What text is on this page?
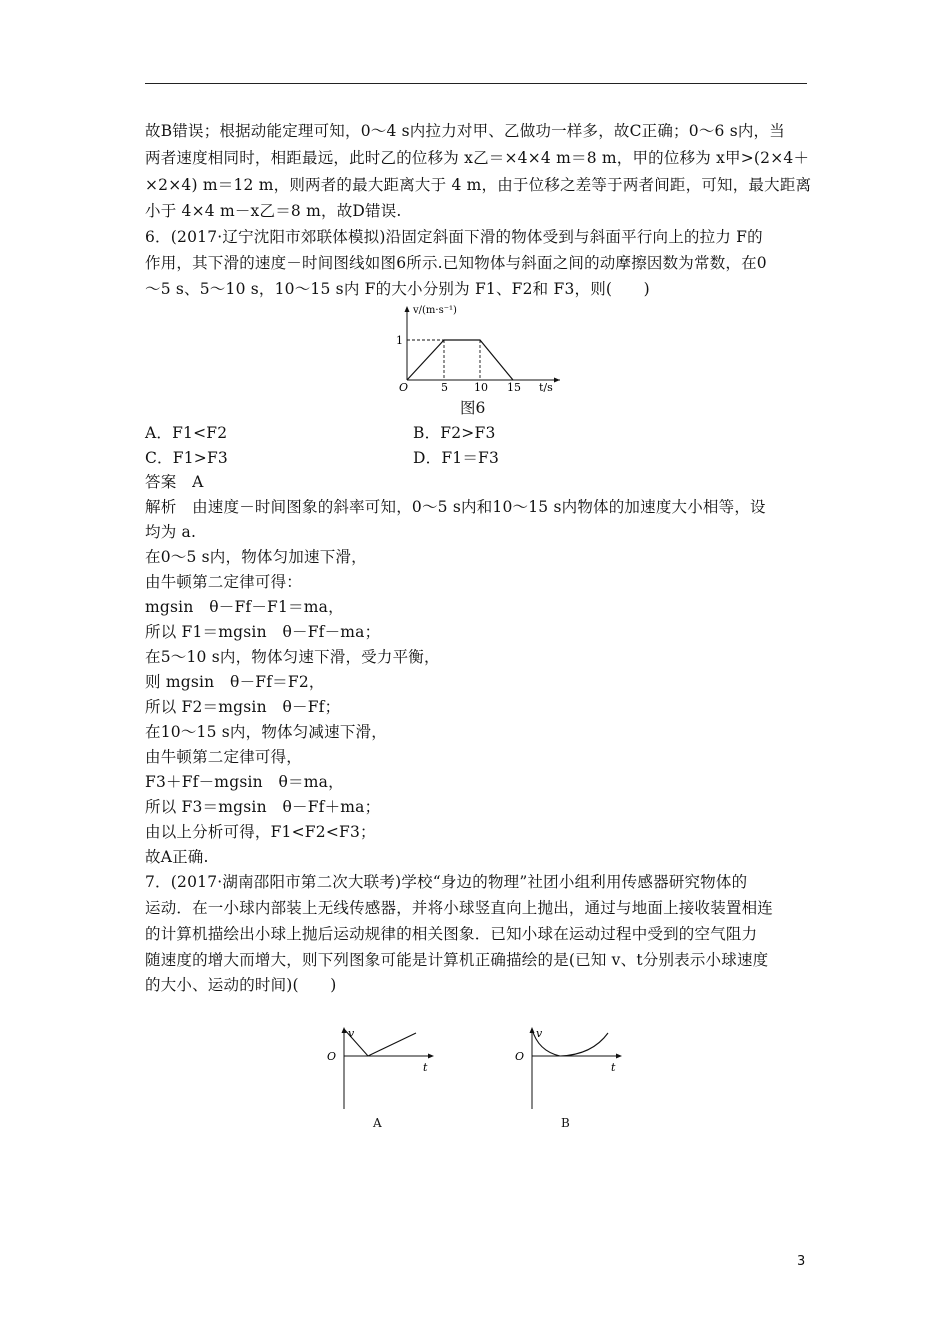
故B错误；根据动能定理可知，0～4 s内拉力对甲、乙做功一样多，故C正确；0～6 s内，当
两者速度相同时，相距最远，此时乙的位移为 x乙＝×4×4 m＝8 m，甲的位移为 x甲>(2×4＋
×2×4) m＝12 m，则两者的最大距离大于 4 m，由于位移之差等于两者间距，可知，最大距离
小于 4×4 m－x乙＝8 m，故D错误.
6．(2017·辽宁沈阳市郊联体模拟)沿固定斜面下滑的物体受到与斜面平行向上的拉力 F的
作用，其下滑的速度－时间图线如图6所示.已知物体与斜面之间的动摩擦因数为常数，在0
～5 s、5～10 s，10～15 s内 F的大小分别为 F1、F2和 F3，则(　　)
v/(m·s⁻¹)
1
O	5 10 15 t/s
图6
A．F1<F2	B．F2>F3
C．F1>F3	D．F1＝F3
答案　A
解析　由速度－时间图象的斜率可知，0～5 s内和10～15 s内物体的加速度大小相等，设
均为 a.
在0～5 s内，物体匀加速下滑，
由牛顿第二定律可得：
mgsin　θ－Ff－F1＝ma，
所以 F1＝mgsin　θ－Ff－ma；
在5～10 s内，物体匀速下滑，受力平衡，
则 mgsin　θ－Ff＝F2，
所以 F2＝mgsin　θ－Ff；
在10～15 s内，物体匀减速下滑，
由牛顿第二定律可得，
F3＋Ff－mgsin　θ＝ma，
所以 F3＝mgsin　θ－Ff＋ma；
由以上分析可得，F1<F2<F3；
故A正确.
7．(2017·湖南邵阳市第二次大联考)学校“身边的物理”社团小组利用传感器研究物体的
运动．在一小球内部装上无线传感器，并将小球竖直向上抛出，通过与地面上接收装置相连
的计算机描绘出小球上抛后运动规律的相关图象．已知小球在运动过程中受到的空气阻力
随速度的增大而增大，则下列图象可能是计算机正确描绘的是(已知 v、t分别表示小球速度
的大小、运动的时间)(　　)
v
O
t
A
v
O
t
B
3
